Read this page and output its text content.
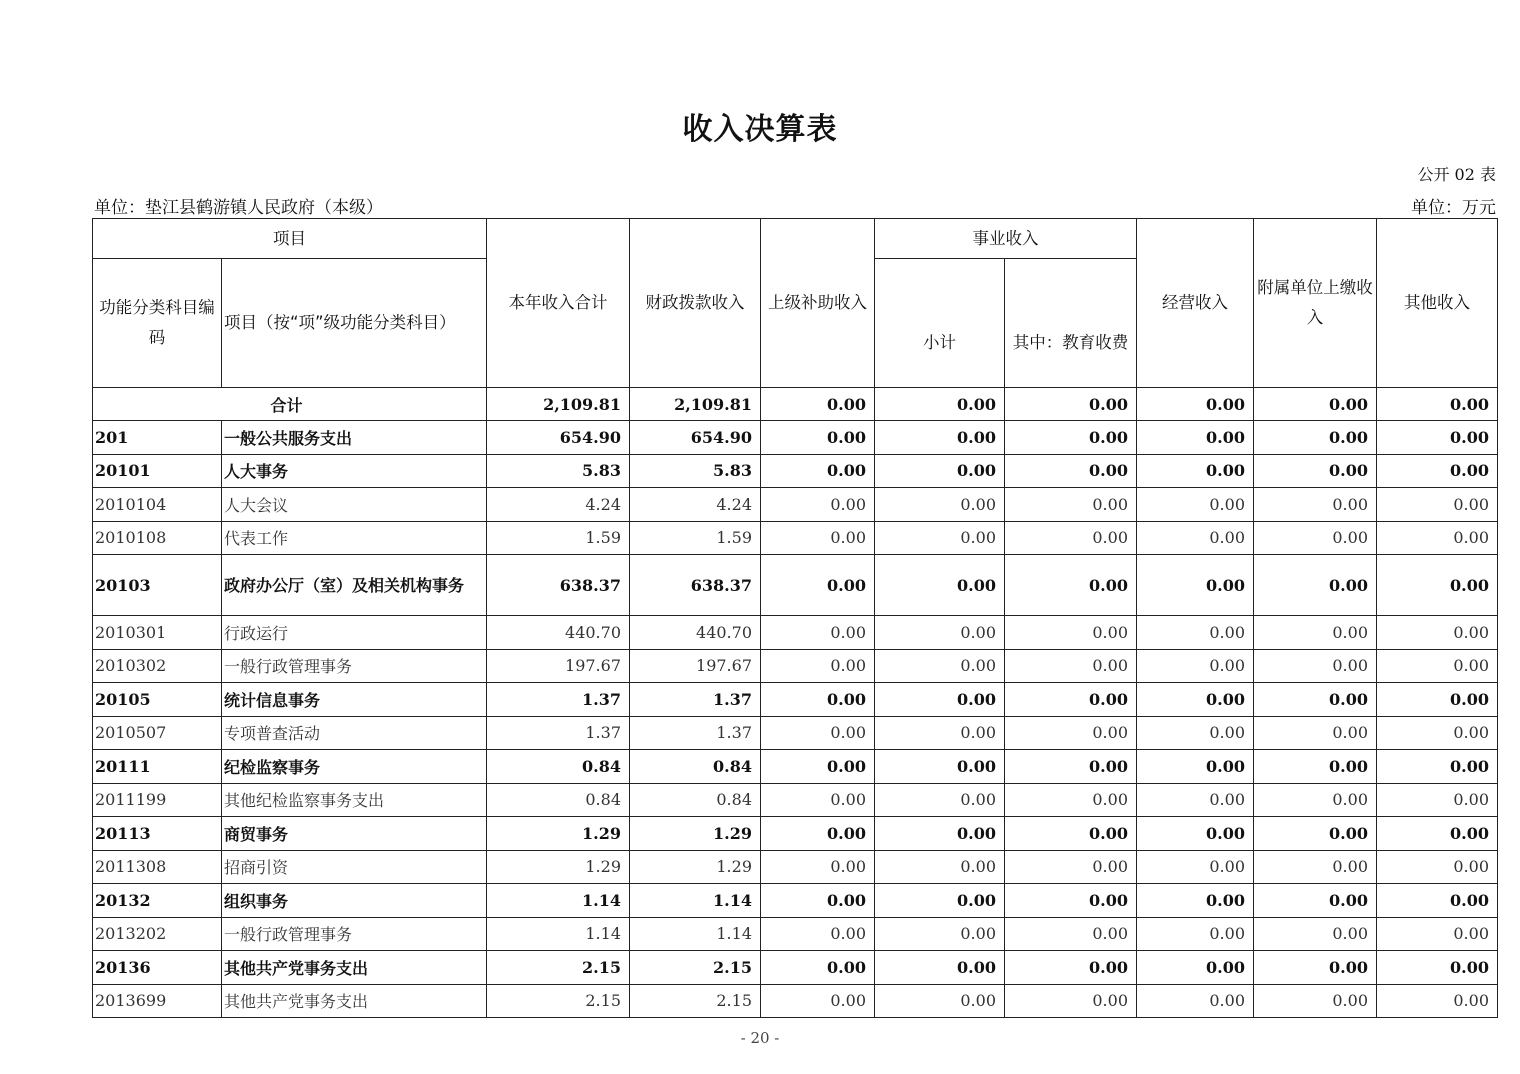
收入决算表
公开 02 表
单位：垫江县鹤游镇人民政府（本级）	单位：万元
项目		本年收入合计	财政拨款收入	上级补助收入	事业收入		经营收入	附属单位上缴收入	其他收入
功能分类科目编码	项目（按“项”级功能分类科目）				小计	其中：教育收费			
合计		2,109.81	2,109.81	0.00	0.00	0.00	0.00	0.00	0.00
201	一般公共服务支出	654.90	654.90	0.00	0.00	0.00	0.00	0.00	0.00
20101	人大事务	5.83	5.83	0.00	0.00	0.00	0.00	0.00	0.00
2010104	人大会议	4.24	4.24	0.00	0.00	0.00	0.00	0.00	0.00
2010108	代表工作	1.59	1.59	0.00	0.00	0.00	0.00	0.00	0.00
20103	政府办公厅（室）及相关机构事务	638.37	638.37	0.00	0.00	0.00	0.00	0.00	0.00
2010301	行政运行	440.70	440.70	0.00	0.00	0.00	0.00	0.00	0.00
2010302	一般行政管理事务	197.67	197.67	0.00	0.00	0.00	0.00	0.00	0.00
20105	统计信息事务	1.37	1.37	0.00	0.00	0.00	0.00	0.00	0.00
2010507	专项普查活动	1.37	1.37	0.00	0.00	0.00	0.00	0.00	0.00
20111	纪检监察事务	0.84	0.84	0.00	0.00	0.00	0.00	0.00	0.00
2011199	其他纪检监察事务支出	0.84	0.84	0.00	0.00	0.00	0.00	0.00	0.00
20113	商贸事务	1.29	1.29	0.00	0.00	0.00	0.00	0.00	0.00
2011308	招商引资	1.29	1.29	0.00	0.00	0.00	0.00	0.00	0.00
20132	组织事务	1.14	1.14	0.00	0.00	0.00	0.00	0.00	0.00
2013202	一般行政管理事务	1.14	1.14	0.00	0.00	0.00	0.00	0.00	0.00
20136	其他共产党事务支出	2.15	2.15	0.00	0.00	0.00	0.00	0.00	0.00
2013699	其他共产党事务支出	2.15	2.15	0.00	0.00	0.00	0.00	0.00	0.00
- 20 -
